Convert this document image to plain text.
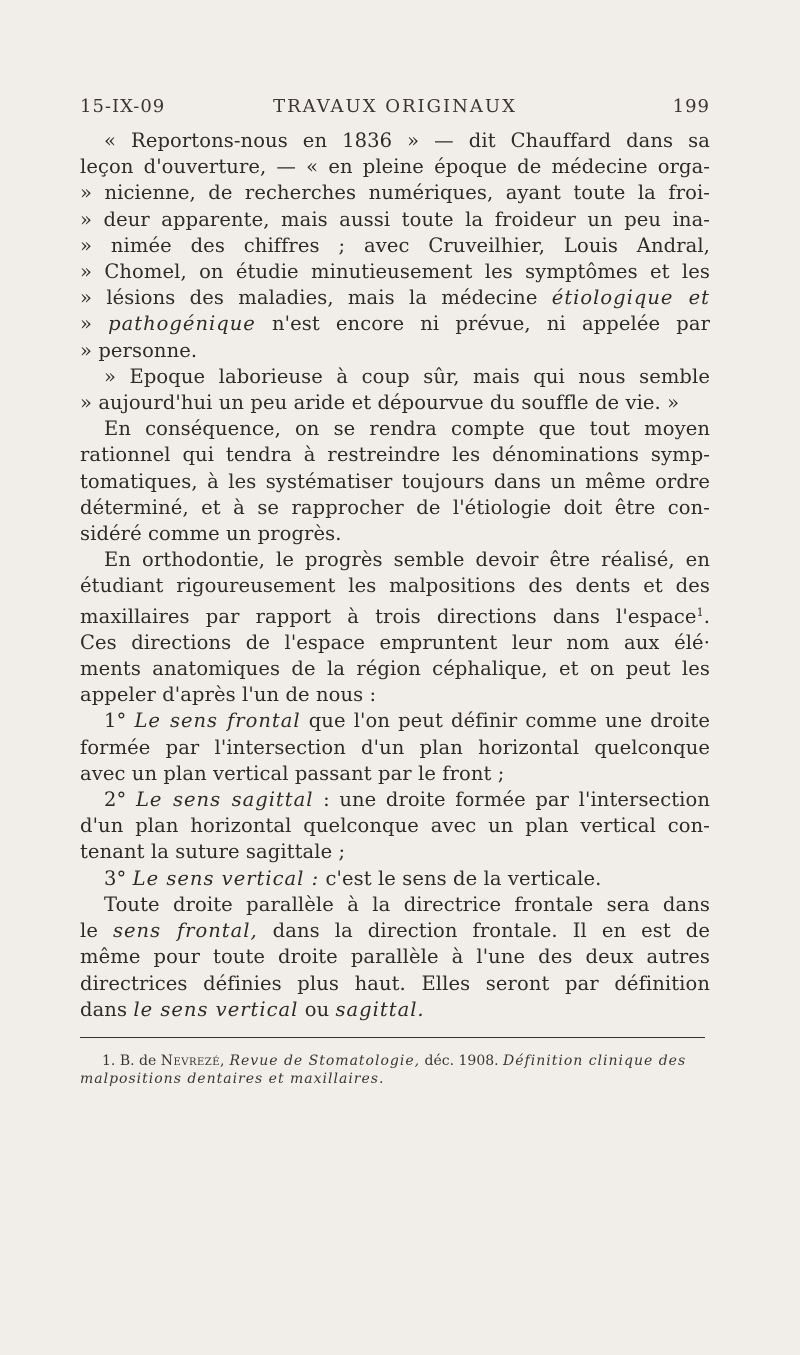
15-IX-09	TRAVAUX ORIGINAUX	199
« Reportons-nous en 1836 » — dit Chauffard dans sa
leçon d'ouverture, — « en pleine époque de médecine orga-
» nicienne, de recherches numériques, ayant toute la froi-
» deur apparente, mais aussi toute la froideur un peu ina-
» nimée des chiffres ; avec Cruveilhier, Louis Andral,
» Chomel, on étudie minutieusement les symptômes et les
» lésions des maladies, mais la médecine étiologique et
» pathogénique n'est encore ni prévue, ni appelée par
» personne.
» Epoque laborieuse à coup sûr, mais qui nous semble
» aujourd'hui un peu aride et dépourvue du souffle de vie. »
En conséquence, on se rendra compte que tout moyen
rationnel qui tendra à restreindre les dénominations symp-
tomatiques, à les systématiser toujours dans un même ordre
déterminé, et à se rapprocher de l'étiologie doit être con-
sidéré comme un progrès.
En orthodontie, le progrès semble devoir être réalisé, en
étudiant rigoureusement les malpositions des dents et des
maxillaires par rapport à trois directions dans l'espace$^1$.
Ces directions de l'espace empruntent leur nom aux élé·
ments anatomiques de la région céphalique, et on peut les
appeler d'après l'un de nous :
1° Le sens frontal que l'on peut définir comme une droite
formée par l'intersection d'un plan horizontal quelconque
avec un plan vertical passant par le front ;
2° Le sens sagittal : une droite formée par l'intersection
d'un plan horizontal quelconque avec un plan vertical con-
tenant la suture sagittale ;
3° Le sens vertical : c'est le sens de la verticale.
Toute droite parallèle à la directrice frontale sera dans
le sens frontal, dans la direction frontale. Il en est de
même pour toute droite parallèle à l'une des deux autres
directrices définies plus haut. Elles seront par définition
dans le sens vertical ou sagittal.
1. B. de Nevrezé, Revue de Stomatologie, déc. 1908. Définition clinique des
malpositions dentaires et maxillaires.
